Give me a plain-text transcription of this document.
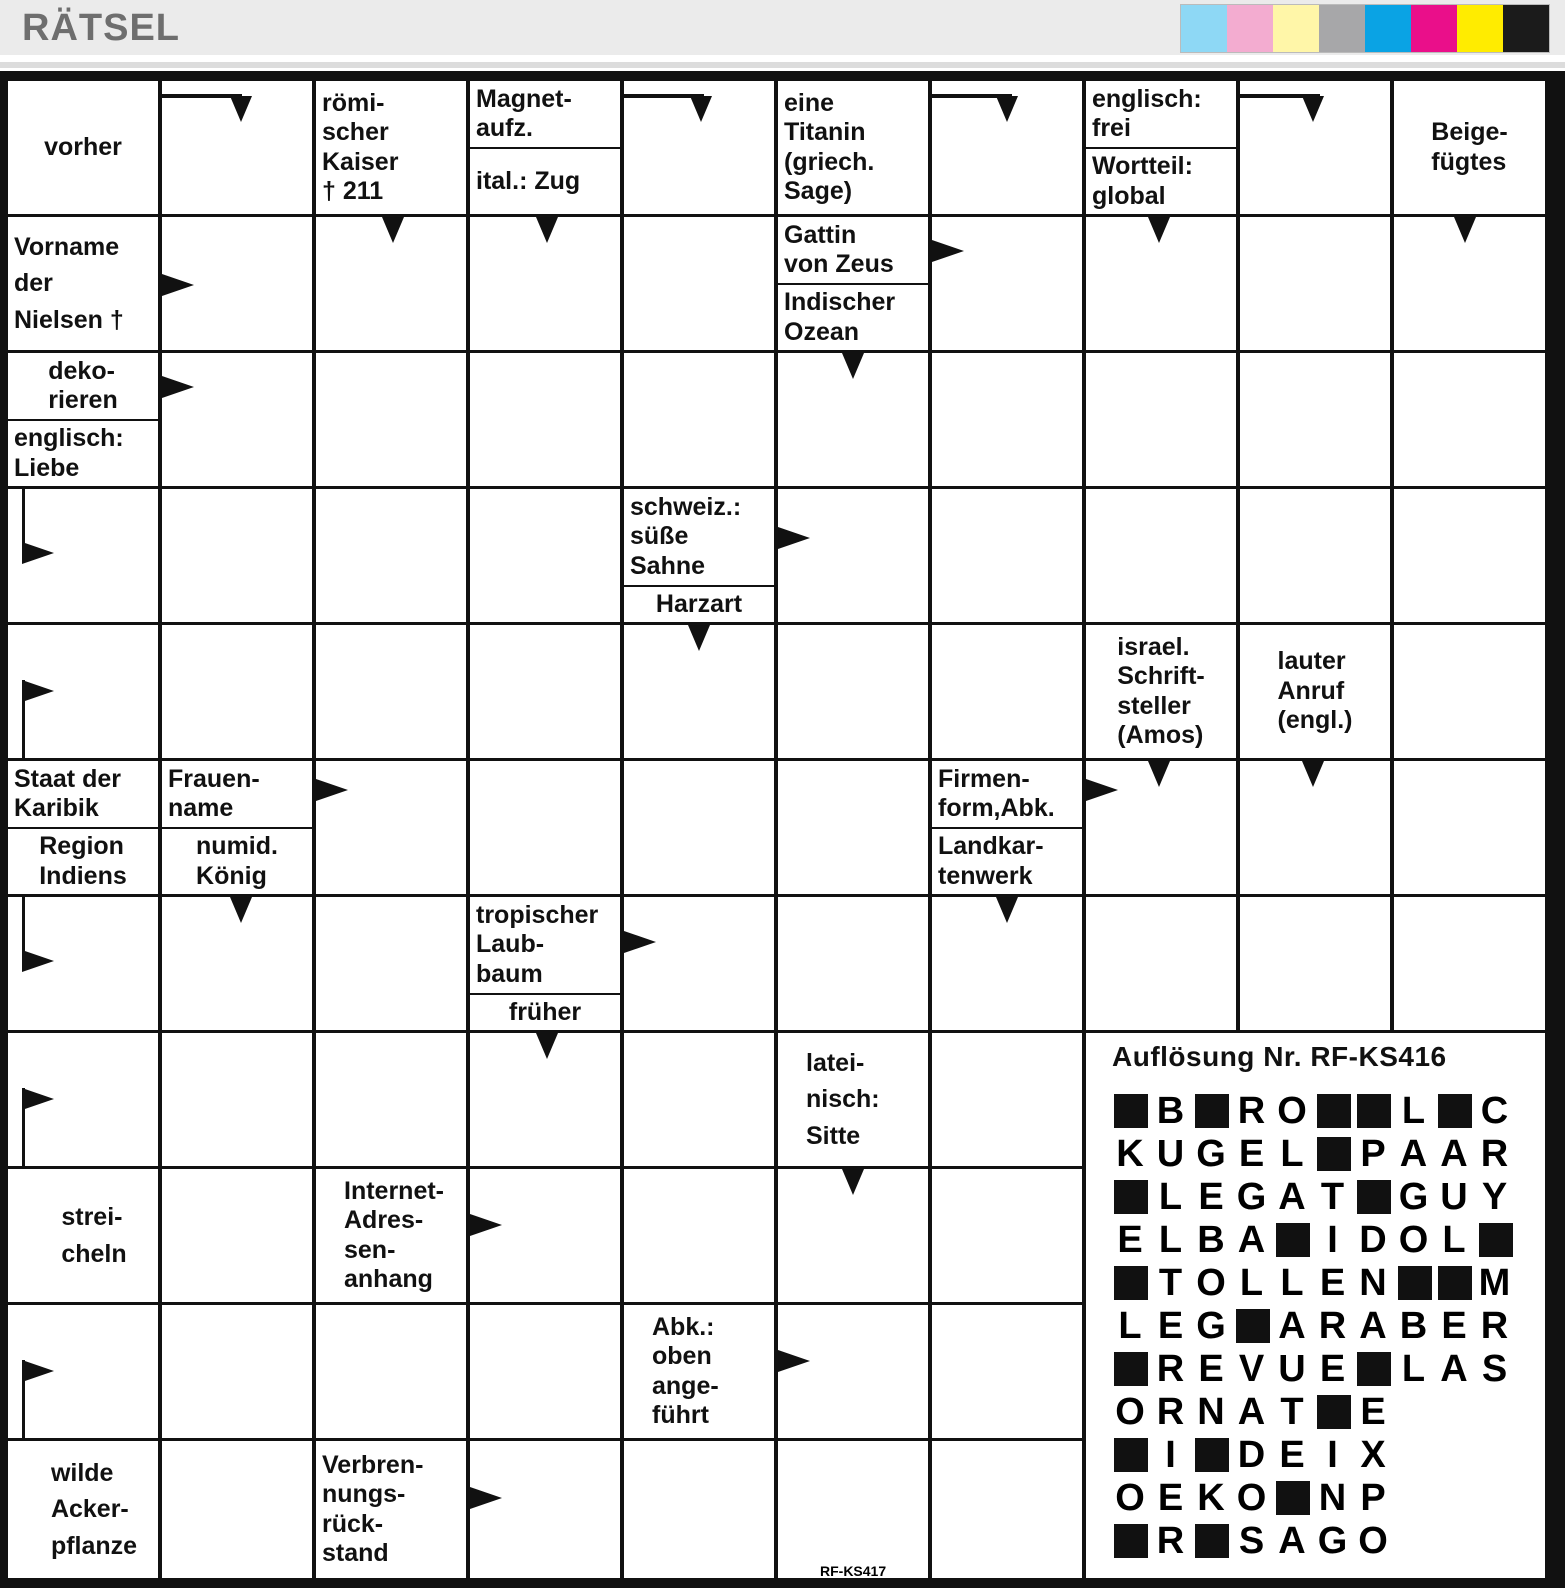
RÄTSEL
vorher
römi-
scher
Kaiser
† 211
Magnet-
aufz.
ital.: Zug
eine
Titanin
(griech.
Sage)
englisch:
frei
Wortteil:
global
Beige-
fügtes
Vorname
der
Nielsen †
Gattin
von Zeus
Indischer
Ozean
deko-
rieren
englisch:
Liebe
schweiz.:
süße
Sahne
Harzart
israel.
Schrift-
steller
(Amos)
lauter
Anruf
(engl.)
Staat der
Karibik
Region
Indiens
Frauen-
name
numid.
König
Firmen-
form,Abk.
Landkar-
tenwerk
tropischer
Laub-
baum
früher
latei-
nisch:
Sitte
strei-
cheln
Internet-
Adres-
sen-
anhang
Abk.:
oben
ange-
führt
wilde
Acker-
pflanze
Verbren-
nungs-
rück-
stand
Auflösung Nr. RF-KS416
B R O	L C
K U G E L P A A R
L E G A T G U Y
E L B A	I D O L
T O L L E N M
L E G A R A B E R
R E V U E L A S
O R N A T E
I	D E I X
O E K O N P
R S A G O
RF-KS417
